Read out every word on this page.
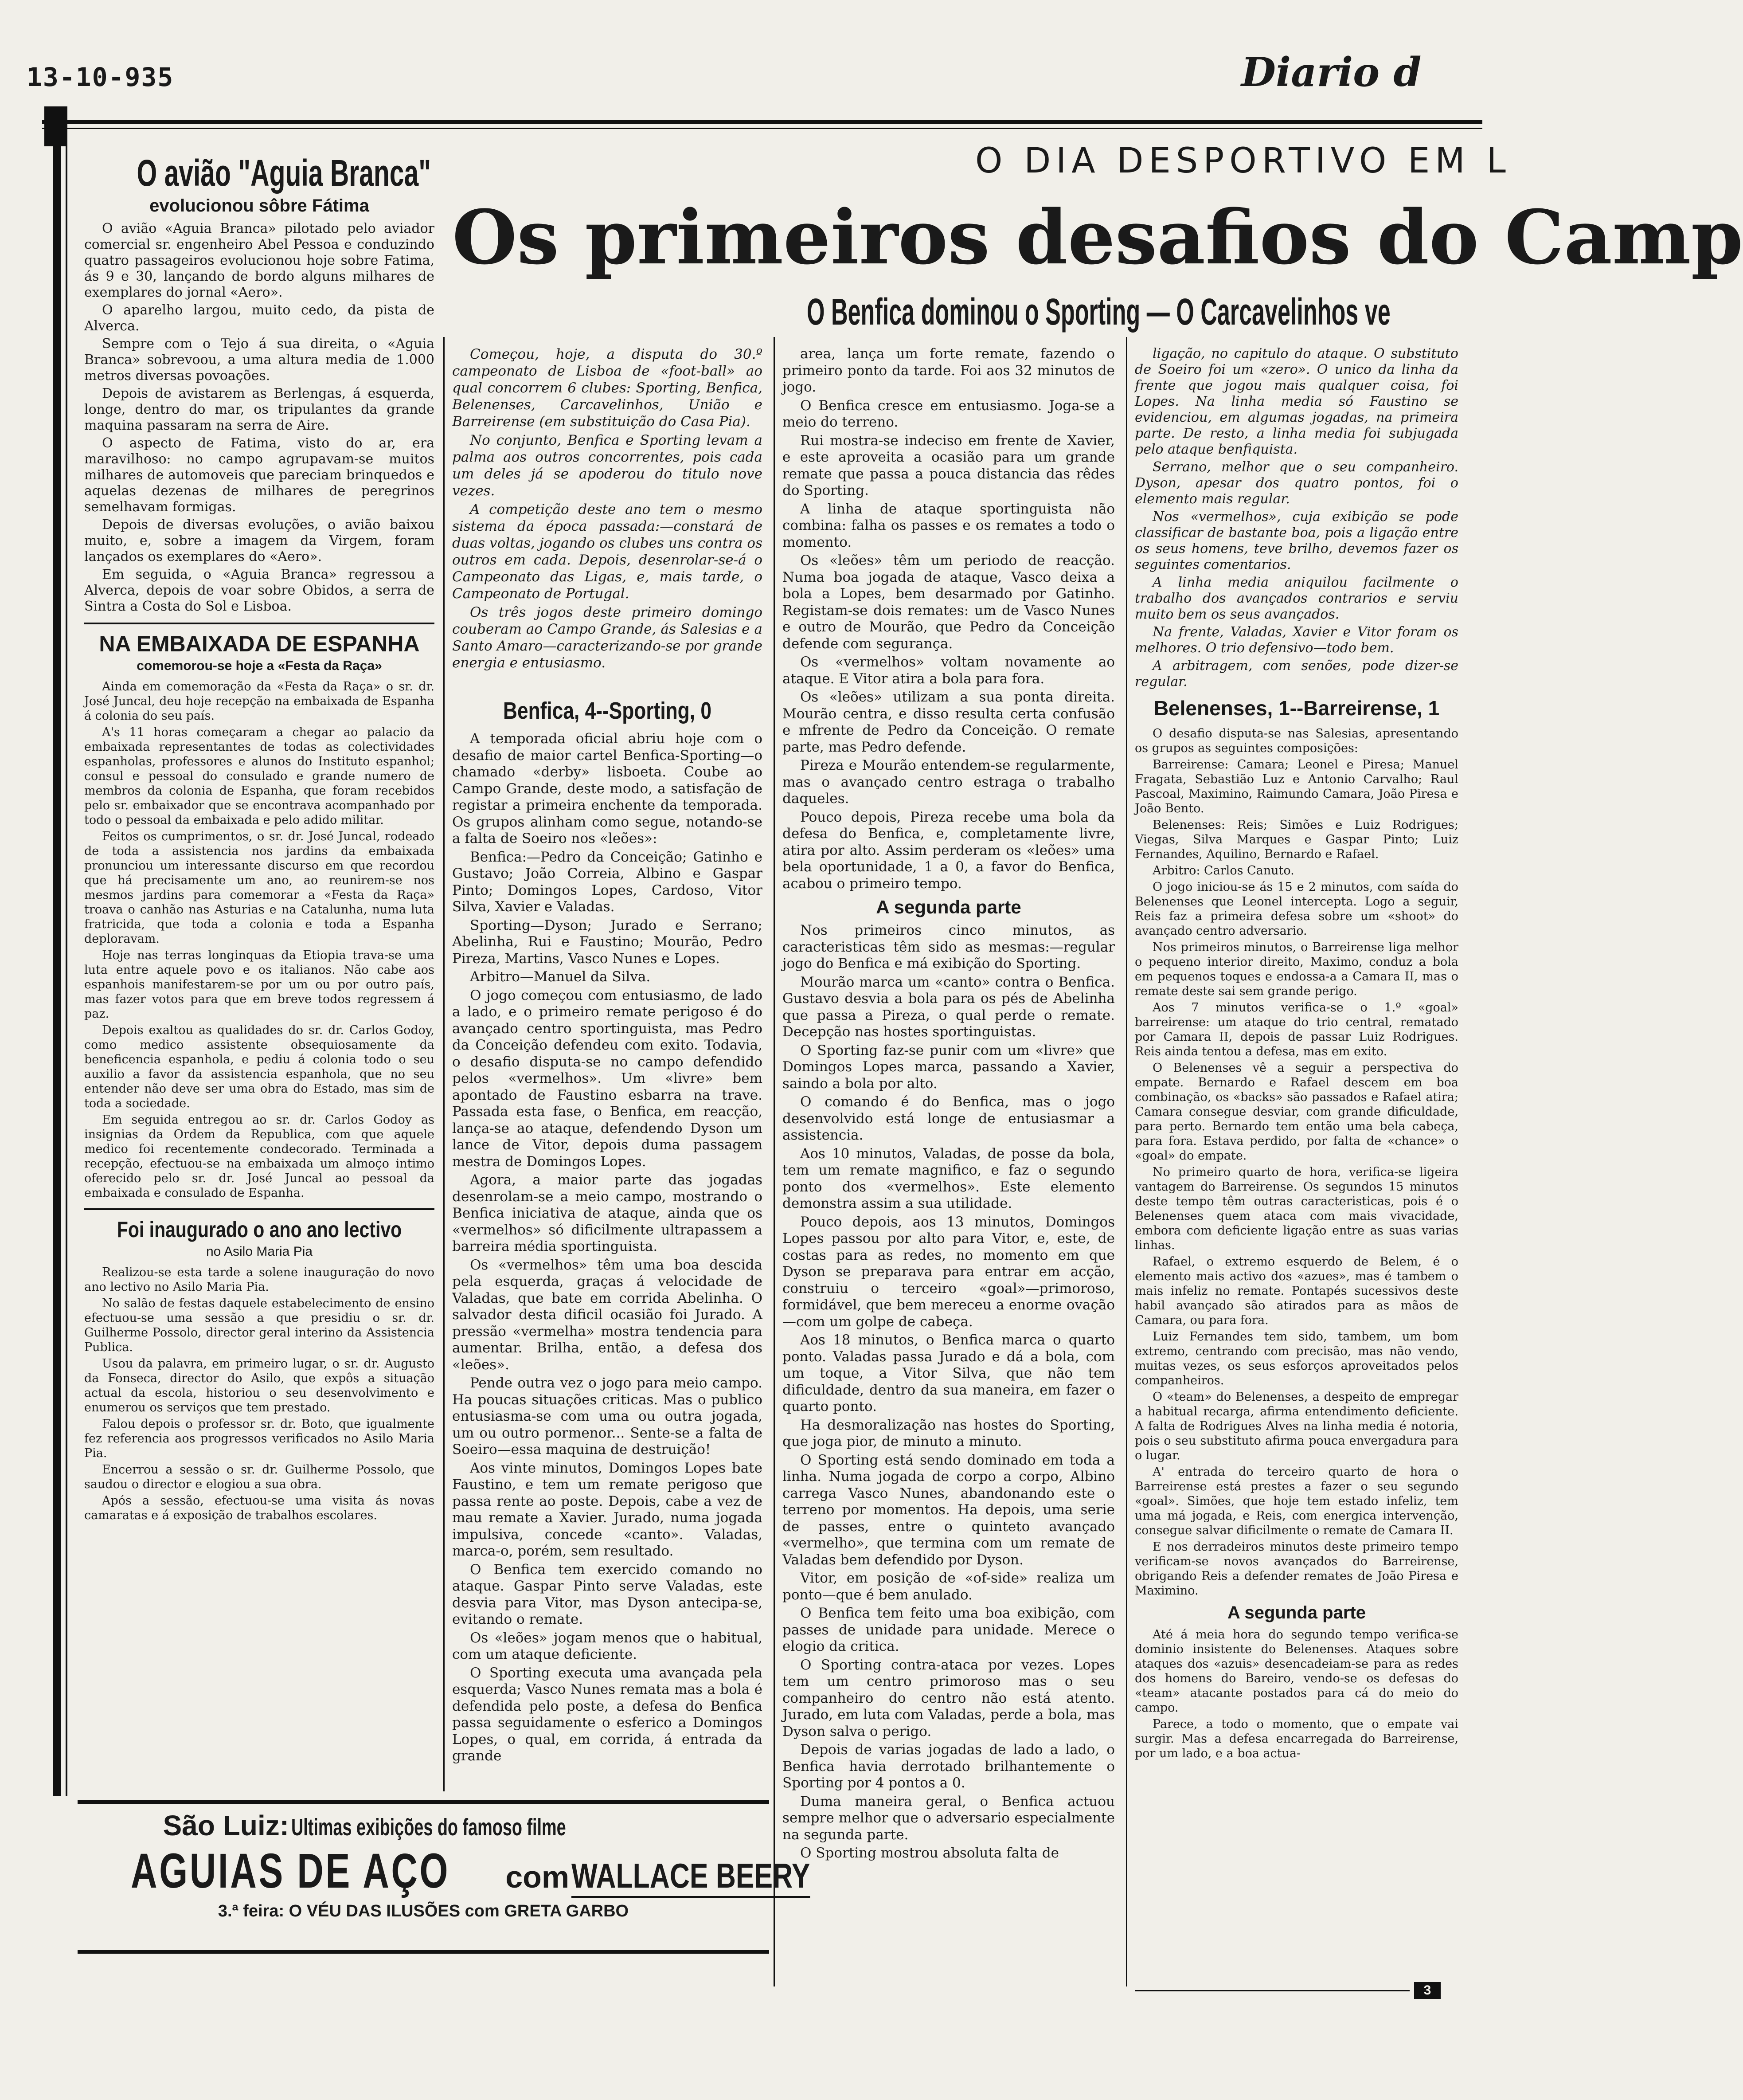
13-10-935	Diario d
O DIA DESPORTIVO EM L
Os primeiros desafios do Camp
O Benfica dominou o Sporting — O Carcavelinhos ve
O avião "Aguia Branca"
evolucionou sôbre Fátima

O avião «Aguia Branca» pilotado pelo aviador comercial sr. engenheiro Abel Pessoa e conduzindo quatro passageiros evolucionou hoje sobre Fatima, ás 9 e 30, lançando de bordo alguns milhares de exemplares do jornal «Aero».

O aparelho largou, muito cedo, da pista de Alverca.

Sempre com o Tejo á sua direita, o «Aguia Branca» sobrevoou, a uma altura media de 1.000 metros diversas povoações.

Depois de avistarem as Berlengas, á esquerda, longe, dentro do mar, os tripulantes da grande maquina passaram na serra de Aire.

O aspecto de Fatima, visto do ar, era maravilhoso: no campo agrupavam-se muitos milhares de automoveis que pareciam brinquedos e aquelas dezenas de milhares de peregrinos semelhavam formigas.

Depois de diversas evoluções, o avião baixou muito, e, sobre a imagem da Virgem, foram lançados os exemplares do «Aero».

Em seguida, o «Aguia Branca» regressou a Alverca, depois de voar sobre Obidos, a serra de Sintra a Costa do Sol e Lisboa.

NA EMBAIXADA DE ESPANHA
comemorou-se hoje a «Festa da Raça»

Ainda em comemoração da «Festa da Raça» o sr. dr. José Juncal, deu hoje recepção na embaixada de Espanha á colonia do seu país.

A's 11 horas começaram a chegar ao palacio da embaixada representantes de todas as colectividades espanholas, professores e alunos do Instituto espanhol; consul e pessoal do consulado e grande numero de membros da colonia de Espanha, que foram recebidos pelo sr. embaixador que se encontrava acompanhado por todo o pessoal da embaixada e pelo adido militar.

Feitos os cumprimentos, o sr. dr. José Juncal, rodeado de toda a assistencia nos jardins da embaixada pronunciou um interessante discurso em que recordou que há precisamente um ano, ao reunirem-se nos mesmos jardins para comemorar a «Festa da Raça» troava o canhão nas Asturias e na Catalunha, numa luta fratricida, que toda a colonia e toda a Espanha deploravam.

Hoje nas terras longinquas da Etiopia trava-se uma luta entre aquele povo e os italianos. Não cabe aos espanhois manifestarem-se por um ou por outro país, mas fazer votos para que em breve todos regressem á paz.

Depois exaltou as qualidades do sr. dr. Carlos Godoy, como medico assistente obsequiosamente da beneficencia espanhola, e pediu á colonia todo o seu auxilio a favor da assistencia espanhola, que no seu entender não deve ser uma obra do Estado, mas sim de toda a sociedade.

Em seguida entregou ao sr. dr. Carlos Godoy as insignias da Ordem da Republica, com que aquele medico foi recentemente condecorado. Terminada a recepção, efectuou-se na embaixada um almoço intimo oferecido pelo sr. dr. José Juncal ao pessoal da embaixada e consulado de Espanha.

Foi inaugurado o ano ano lectivo
no Asilo Maria Pia

Realizou-se esta tarde a solene inauguração do novo ano lectivo no Asilo Maria Pia.

No salão de festas daquele estabelecimento de ensino efectuou-se uma sessão a que presidiu o sr. dr. Guilherme Possolo, director geral interino da Assistencia Publica.

Usou da palavra, em primeiro lugar, o sr. dr. Augusto da Fonseca, director do Asilo, que expôs a situação actual da escola, historiou o seu desenvolvimento e enumerou os serviços que tem prestado.

Falou depois o professor sr. dr. Boto, que igualmente fez referencia aos progressos verificados no Asilo Maria Pia.

Encerrou a sessão o sr. dr. Guilherme Possolo, que saudou o director e elogiou a sua obra.

Após a sessão, efectuou-se uma visita ás novas camaratas e á exposição de trabalhos escolares.

Começou, hoje, a disputa do 30.º campeonato de Lisboa de «foot-ball» ao qual concorrem 6 clubes: Sporting, Benfica, Belenenses, Carcavelinhos, União e Barreirense (em substituição do Casa Pia).

No conjunto, Benfica e Sporting levam a palma aos outros concorrentes, pois cada um deles já se apoderou do titulo nove vezes.

A competição deste ano tem o mesmo sistema da época passada:—constará de duas voltas, jogando os clubes uns contra os outros em cada. Depois, desenrolar-se-á o Campeonato das Ligas, e, mais tarde, o Campeonato de Portugal.

Os três jogos deste primeiro domingo couberam ao Campo Grande, ás Salesias e a Santo Amaro—caracterizando-se por grande energia e entusiasmo.

Benfica, 4--Sporting, 0

A temporada oficial abriu hoje com o desafio de maior cartel Benfica-Sporting—o chamado «derby» lisboeta. Coube ao Campo Grande, deste modo, a satisfação de registar a primeira enchente da temporada. Os grupos alinham como segue, notando-se a falta de Soeiro nos «leões»:

Benfica:—Pedro da Conceição; Gatinho e Gustavo; João Correia, Albino e Gaspar Pinto; Domingos Lopes, Cardoso, Vitor Silva, Xavier e Valadas.

Sporting—Dyson; Jurado e Serrano; Abelinha, Rui e Faustino; Mourão, Pedro Pireza, Martins, Vasco Nunes e Lopes.

Arbitro—Manuel da Silva.

O jogo começou com entusiasmo, de lado a lado, e o primeiro remate perigoso é do avançado centro sportinguista, mas Pedro da Conceição defendeu com exito. Todavia, o desafio disputa-se no campo defendido pelos «vermelhos». Um «livre» bem apontado de Faustino esbarra na trave. Passada esta fase, o Benfica, em reacção, lança-se ao ataque, defendendo Dyson um lance de Vitor, depois duma passagem mestra de Domingos Lopes.

Agora, a maior parte das jogadas desenrolam-se a meio campo, mostrando o Benfica iniciativa de ataque, ainda que os «vermelhos» só dificilmente ultrapassem a barreira média sportinguista.

Os «vermelhos» têm uma boa descida pela esquerda, graças á velocidade de Valadas, que bate em corrida Abelinha. O salvador desta dificil ocasião foi Jurado. A pressão «vermelha» mostra tendencia para aumentar. Brilha, então, a defesa dos «leões».

Pende outra vez o jogo para meio campo. Ha poucas situações criticas. Mas o publico entusiasma-se com uma ou outra jogada, um ou outro pormenor... Sente-se a falta de Soeiro—essa maquina de destruição!

Aos vinte minutos, Domingos Lopes bate Faustino, e tem um remate perigoso que passa rente ao poste. Depois, cabe a vez de mau remate a Xavier. Jurado, numa jogada impulsiva, concede «canto». Valadas, marca-o, porém, sem resultado.

O Benfica tem exercido comando no ataque. Gaspar Pinto serve Valadas, este desvia para Vitor, mas Dyson antecipa-se, evitando o remate.

Os «leões» jogam menos que o habitual, com um ataque deficiente.

O Sporting executa uma avançada pela esquerda; Vasco Nunes remata mas a bola é defendida pelo poste, a defesa do Benfica passa seguidamente o esferico a Domingos Lopes, o qual, em corrida, á entrada da grande

area, lança um forte remate, fazendo o primeiro ponto da tarde. Foi aos 32 minutos de jogo.

O Benfica cresce em entusiasmo. Joga-se a meio do terreno.

Rui mostra-se indeciso em frente de Xavier, e este aproveita a ocasião para um grande remate que passa a pouca distancia das rêdes do Sporting.

A linha de ataque sportinguista não combina: falha os passes e os remates a todo o momento.

Os «leões» têm um periodo de reacção. Numa boa jogada de ataque, Vasco deixa a bola a Lopes, bem desarmado por Gatinho. Registam-se dois remates: um de Vasco Nunes e outro de Mourão, que Pedro da Conceição defende com segurança.

Os «vermelhos» voltam novamente ao ataque. E Vitor atira a bola para fora.

Os «leões» utilizam a sua ponta direita. Mourão centra, e disso resulta certa confusão e mfrente de Pedro da Conceição. O remate parte, mas Pedro defende.

Pireza e Mourão entendem-se regularmente, mas o avançado centro estraga o trabalho daqueles.

Pouco depois, Pireza recebe uma bola da defesa do Benfica, e, completamente livre, atira por alto. Assim perderam os «leões» uma bela oportunidade, 1 a 0, a favor do Benfica, acabou o primeiro tempo.

A segunda parte

Nos primeiros cinco minutos, as caracteristicas têm sido as mesmas:—regular jogo do Benfica e má exibição do Sporting.

Mourão marca um «canto» contra o Benfica. Gustavo desvia a bola para os pés de Abelinha que passa a Pireza, o qual perde o remate. Decepção nas hostes sportinguistas.

O Sporting faz-se punir com um «livre» que Domingos Lopes marca, passando a Xavier, saindo a bola por alto.

O comando é do Benfica, mas o jogo desenvolvido está longe de entusiasmar a assistencia.

Aos 10 minutos, Valadas, de posse da bola, tem um remate magnifico, e faz o segundo ponto dos «vermelhos». Este elemento demonstra assim a sua utilidade.

Pouco depois, aos 13 minutos, Domingos Lopes passou por alto para Vitor, e, este, de costas para as redes, no momento em que Dyson se preparava para entrar em acção, construiu o terceiro «goal»—primoroso, formidável, que bem mereceu a enorme ovação—com um golpe de cabeça.

Aos 18 minutos, o Benfica marca o quarto ponto. Valadas passa Jurado e dá a bola, com um toque, a Vitor Silva, que não tem dificuldade, dentro da sua maneira, em fazer o quarto ponto.

Ha desmoralização nas hostes do Sporting, que joga pior, de minuto a minuto.

O Sporting está sendo dominado em toda a linha. Numa jogada de corpo a corpo, Albino carrega Vasco Nunes, abandonando este o terreno por momentos. Ha depois, uma serie de passes, entre o quinteto avançado «vermelho», que termina com um remate de Valadas bem defendido por Dyson.

Vitor, em posição de «of-side» realiza um ponto—que é bem anulado.

O Benfica tem feito uma boa exibição, com passes de unidade para unidade. Merece o elogio da critica.

O Sporting contra-ataca por vezes. Lopes tem um centro primoroso mas o seu companheiro do centro não está atento. Jurado, em luta com Valadas, perde a bola, mas Dyson salva o perigo.

Depois de varias jogadas de lado a lado, o Benfica havia derrotado brilhantemente o Sporting por 4 pontos a 0.

Duma maneira geral, o Benfica actuou sempre melhor que o adversario especialmente na segunda parte.

O Sporting mostrou absoluta falta de

ligação, no capitulo do ataque. O substituto de Soeiro foi um «zero». O unico da linha da frente que jogou mais qualquer coisa, foi Lopes. Na linha media só Faustino se evidenciou, em algumas jogadas, na primeira parte. De resto, a linha media foi subjugada pelo ataque benfiquista.

Serrano, melhor que o seu companheiro. Dyson, apesar dos quatro pontos, foi o elemento mais regular.

Nos «vermelhos», cuja exibição se pode classificar de bastante boa, pois a ligação entre os seus homens, teve brilho, devemos fazer os seguintes comentarios.

A linha media aniquilou facilmente o trabalho dos avançados contrarios e serviu muito bem os seus avançados.

Na frente, Valadas, Xavier e Vitor foram os melhores. O trio defensivo—todo bem.

A arbitragem, com senões, pode dizer-se regular.

Belenenses, 1--Barreirense, 1

O desafio disputa-se nas Salesias, apresentando os grupos as seguintes composições:

Barreirense: Camara; Leonel e Piresa; Manuel Fragata, Sebastião Luz e Antonio Carvalho; Raul Pascoal, Maximino, Raimundo Camara, João Piresa e João Bento.

Belenenses: Reis; Simões e Luiz Rodrigues; Viegas, Silva Marques e Gaspar Pinto; Luiz Fernandes, Aquilino, Bernardo e Rafael.

Arbitro: Carlos Canuto.

O jogo iniciou-se ás 15 e 2 minutos, com saída do Belenenses que Leonel intercepta. Logo a seguir, Reis faz a primeira defesa sobre um «shoot» do avançado centro adversario.

Nos primeiros minutos, o Barreirense liga melhor o pequeno interior direito, Maximo, conduz a bola em pequenos toques e endossa-a a Camara II, mas o remate deste sai sem grande perigo.

Aos 7 minutos verifica-se o 1.º «goal» barreirense: um ataque do trio central, rematado por Camara II, depois de passar Luiz Rodrigues. Reis ainda tentou a defesa, mas em exito.

O Belenenses vê a seguir a perspectiva do empate. Bernardo e Rafael descem em boa combinação, os «backs» são passados e Rafael atira; Camara consegue desviar, com grande dificuldade, para perto. Bernardo tem então uma bela cabeça, para fora. Estava perdido, por falta de «chance» o «goal» do empate.

No primeiro quarto de hora, verifica-se ligeira vantagem do Barreirense. Os segundos 15 minutos deste tempo têm outras caracteristicas, pois é o Belenenses quem ataca com mais vivacidade, embora com deficiente ligação entre as suas varias linhas.

Rafael, o extremo esquerdo de Belem, é o elemento mais activo dos «azues», mas é tambem o mais infeliz no remate. Pontapés sucessivos deste habil avançado são atirados para as mãos de Camara, ou para fora.

Luiz Fernandes tem sido, tambem, um bom extremo, centrando com precisão, mas não vendo, muitas vezes, os seus esforços aproveitados pelos companheiros.

O «team» do Belenenses, a despeito de empregar a habitual recarga, afirma entendimento deficiente. A falta de Rodrigues Alves na linha media é notoria, pois o seu substituto afirma pouca envergadura para o lugar.

A' entrada do terceiro quarto de hora o Barreirense está prestes a fazer o seu segundo «goal». Simões, que hoje tem estado infeliz, tem uma má jogada, e Reis, com energica intervenção, consegue salvar dificilmente o remate de Camara II.

E nos derradeiros minutos deste primeiro tempo verificam-se novos avançados do Barreirense, obrigando Reis a defender remates de João Piresa e Maximino.

A segunda parte

Até á meia hora do segundo tempo verifica-se dominio insistente do Belenenses. Ataques sobre ataques dos «azuis» desencadeiam-se para as redes dos homens do Bareiro, vendo-se os defesas do «team» atacante postados para cá do meio do campo.

Parece, a todo o momento, que o empate vai surgir. Mas a defesa encarregada do Barreirense, por um lado, e a boa actua-

São Luiz: Ultimas exibições do famoso filme
AGUIAS DE AÇO com WALLACE BEERY
3.ª feira: O VÉU DAS ILUSÕES com GRETA GARBO
3
